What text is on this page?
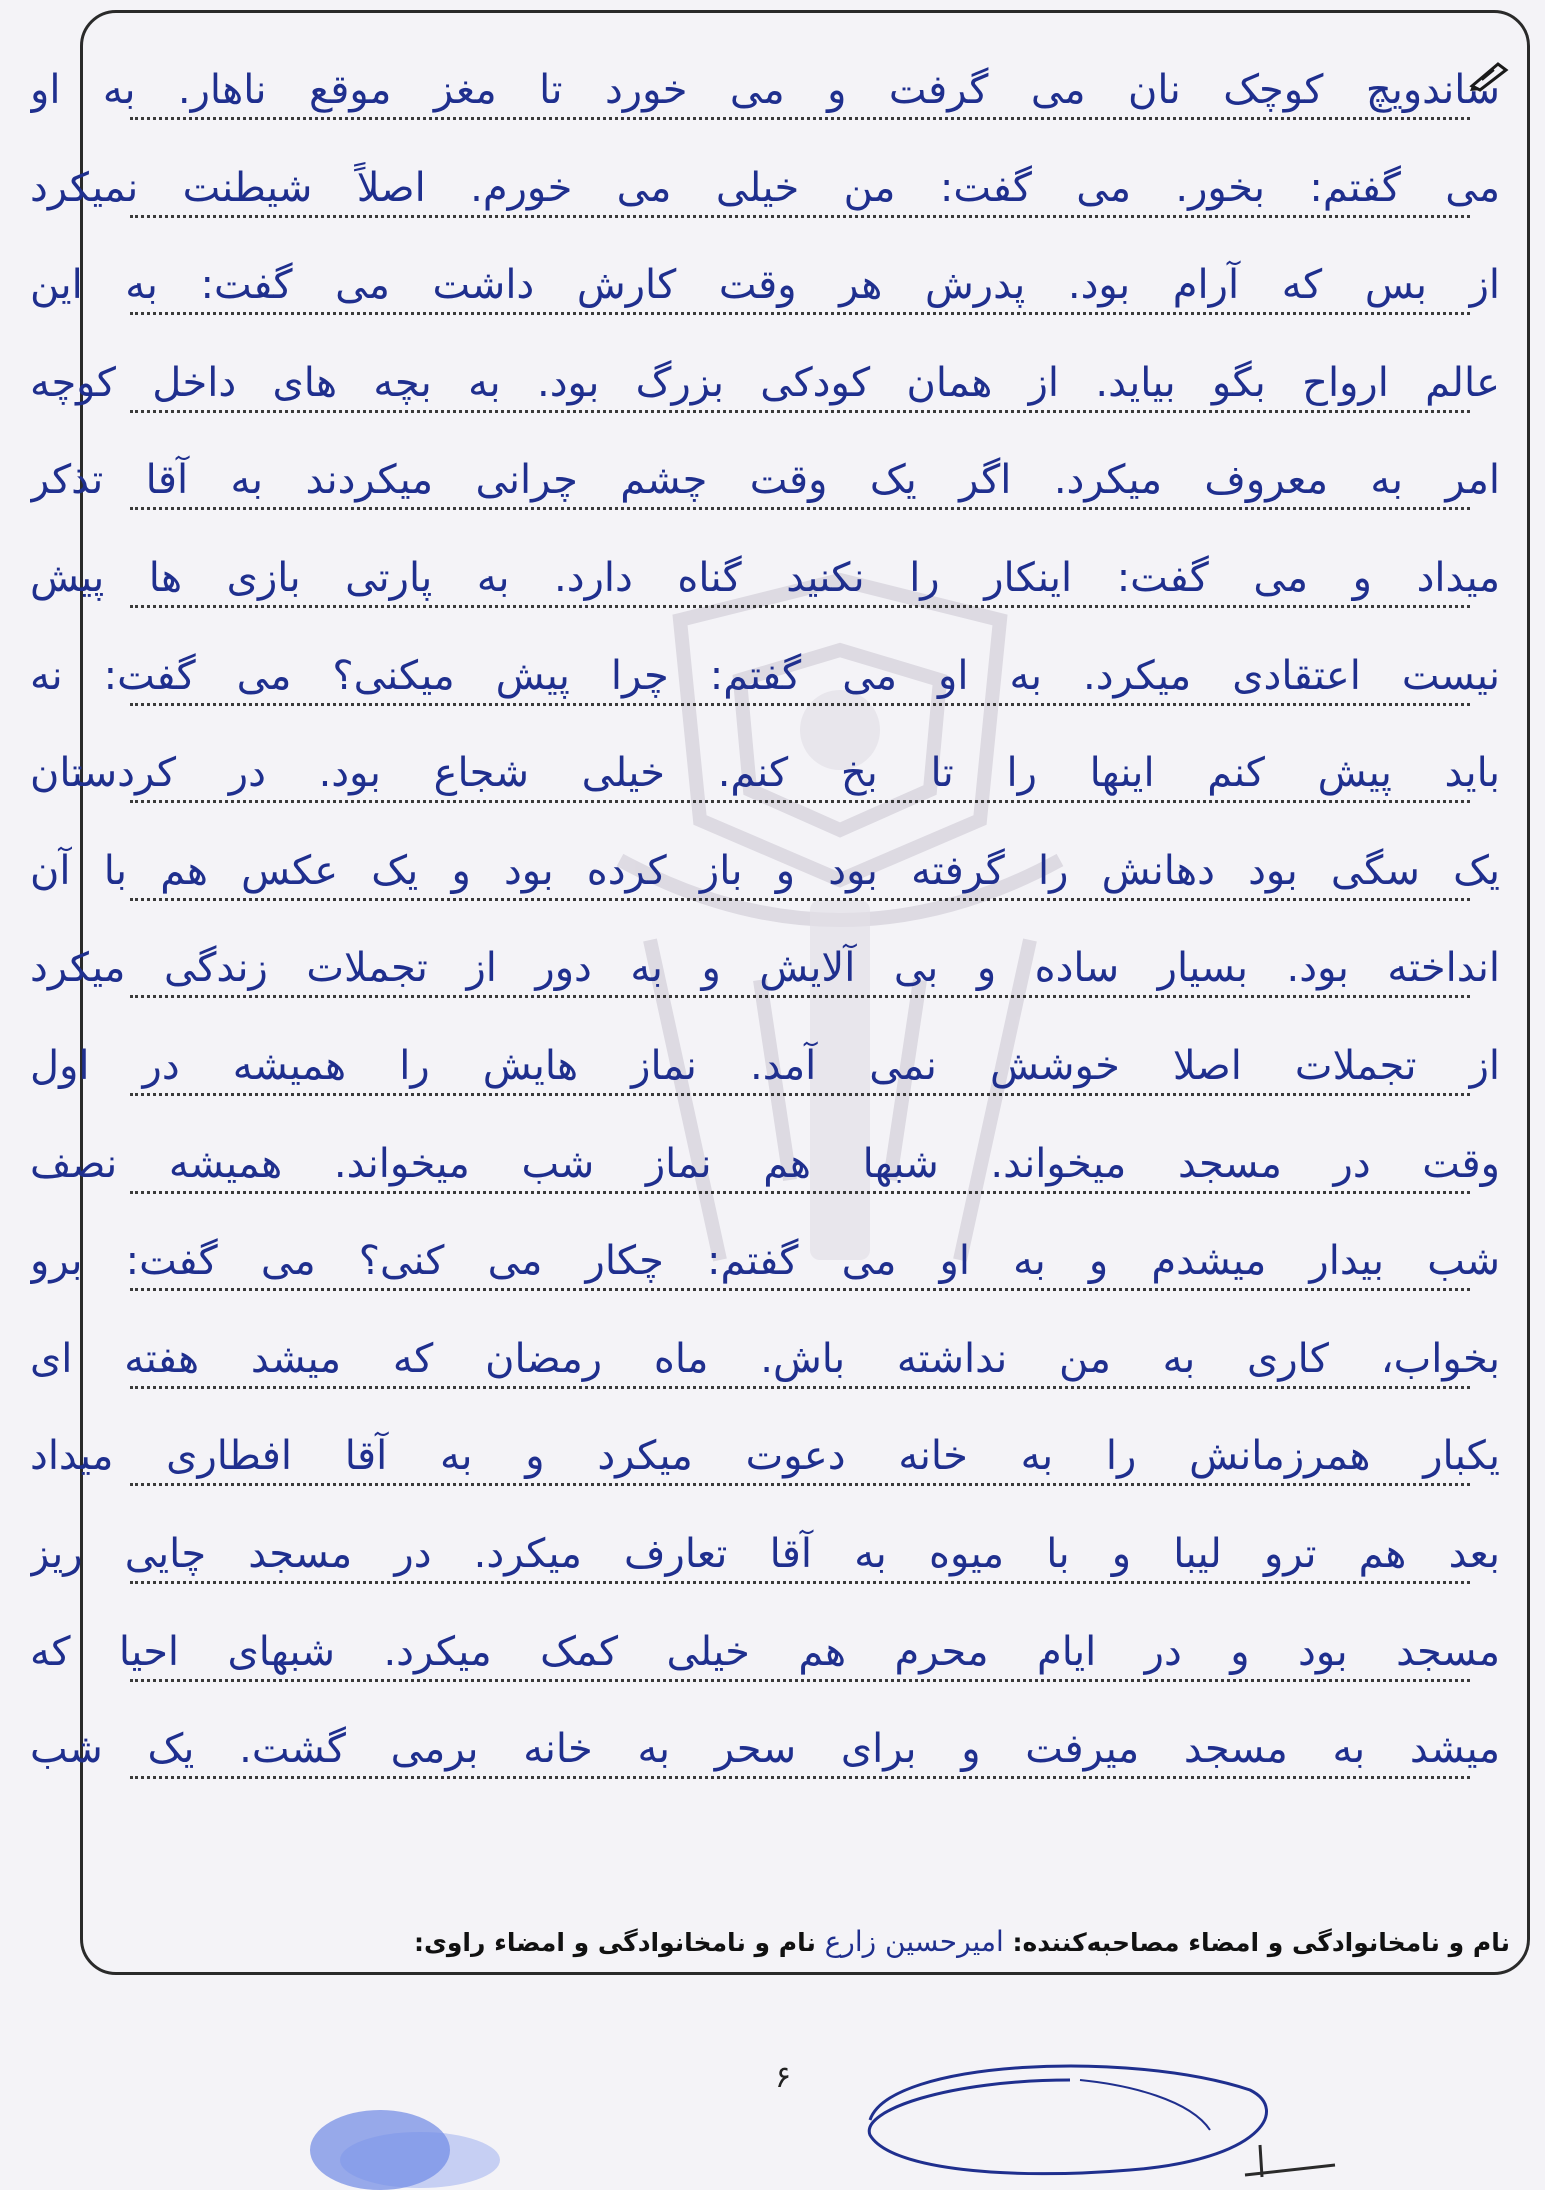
ساندویچ کوچک نان می گرفت و می خورد تا مغز موقع ناهار. به او
می گفتم: بخور. می گفت: من خیلی می خورم. اصلاً شیطنت نمیکرد
از بس که آرام بود. پدرش هر وقت کارش داشت می گفت: به این
عالم ارواح بگو بیاید. از همان کودکی بزرگ بود. به بچه های داخل کوچه
امر به معروف میکرد. اگر یک وقت چشم چرانی میکردند به آقا تذکر
میداد و می گفت: اینکار را نکنید گناه دارد. به پارتی بازی ها پیش
نیست اعتقادی میکرد. به او می گفتم: چرا پیش میکنی؟ می گفت: نه
باید پیش کنم اینها را تا بخ کنم. خیلی شجاع بود. در کردستان
یک سگی بود دهانش را گرفته بود و باز کرده بود و یک عکس هم با آن
انداخته بود. بسیار ساده و بی آلایش و به دور از تجملات زندگی میکرد
از تجملات اصلا خوشش نمی آمد. نماز هایش را همیشه در اول
وقت در مسجد میخواند. شبها هم نماز شب میخواند. همیشه نصف
شب بیدار میشدم و به او می گفتم: چکار می کنی؟ می گفت: برو
بخواب، کاری به من نداشته باش. ماه رمضان که میشد هفته ای
یکبار همرزمانش را به خانه دعوت میکرد و به آقا افطاری میداد
بعد هم ترو لیبا و با میوه به آقا تعارف میکرد. در مسجد چایی ریز
مسجد بود و در ایام محرم هم خیلی کمک میکرد. شبهای احیا که
میشد به مسجد میرفت و برای سحر به خانه برمی گشت. یک شب
نام و نامخانوادگی و امضاء مصاحبه‌کننده: امیرحسین زارع نام و نامخانوادگی و امضاء راوی:
۶
